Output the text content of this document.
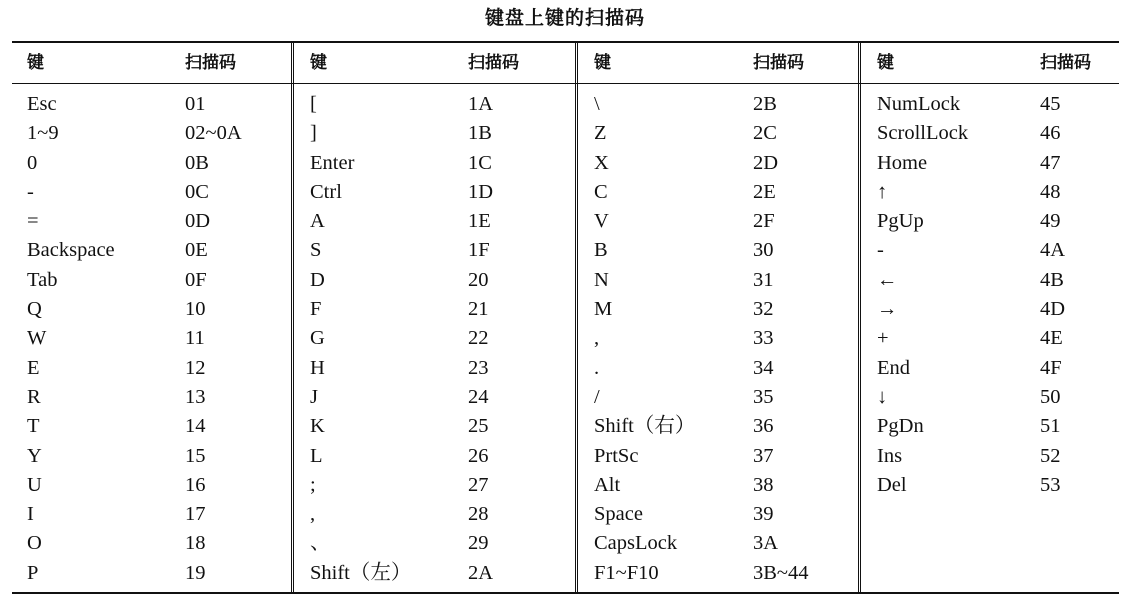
键盘上键的扫描码
键	扫描码
Esc	01
1~9	02~0A
0	0B
-	0C
=	0D
Backspace	0E
Tab	0F
Q	10
W	11
E	12
R	13
T	14
Y	15
U	16
I	17
O	18
P	19
键	扫描码
[	1A
]	1B
Enter	1C
Ctrl	1D
A	1E
S	1F
D	20
F	21
G	22
H	23
J	24
K	25
L	26
;	27
,	28
、	29
Shift（左）	2A
键	扫描码
\	2B
Z	2C
X	2D
C	2E
V	2F
B	30
N	31
M	32
,	33
.	34
/	35
Shift（右）	36
PrtSc	37
Alt	38
Space	39
CapsLock	3A
F1~F10	3B~44
键	扫描码
NumLock	45
ScrollLock	46
Home	47
↑	48
PgUp	49
-	4A
←	4B
→	4D
+	4E
End	4F
↓	50
PgDn	51
Ins	52
Del	53
